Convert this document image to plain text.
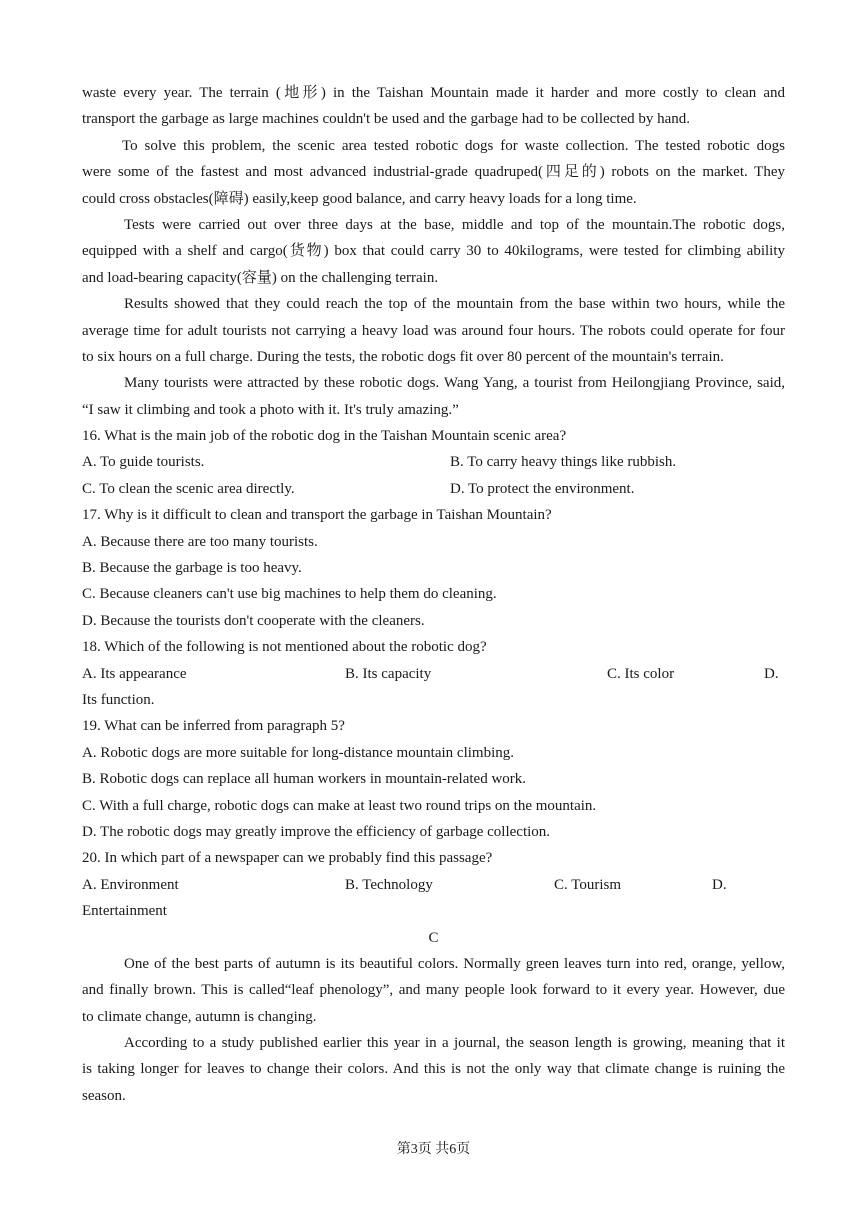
waste every year. The terrain (地形) in the Taishan Mountain made it harder and more costly to clean and
transport the garbage as large machines couldn't be used and the garbage had to be collected by hand.
To solve this problem, the scenic area tested robotic dogs for waste collection. The tested robotic dogs
were some of the fastest and most advanced industrial-grade quadruped(四足的) robots on the market. They
could cross obstacles(障碍) easily,keep good balance, and carry heavy loads for a long time.
Tests were carried out over three days at the base, middle and top of the mountain.The robotic dogs,
equipped with a shelf and cargo(货物) box that could carry 30 to 40kilograms, were tested for climbing ability
and load-bearing capacity(容量) on the challenging terrain.
Results showed that they could reach the top of the mountain from the base within two hours, while the
average time for adult tourists not carrying a heavy load was around four hours. The robots could operate for four
to six hours on a full charge. During the tests, the robotic dogs fit over 80 percent of the mountain's terrain.
Many tourists were attracted by these robotic dogs. Wang Yang, a tourist from Heilongjiang Province, said,
“I saw it climbing and took a photo with it. It's truly amazing.”
16. What is the main job of the robotic dog in the Taishan Mountain scenic area?
A. To guide tourists.	B. To carry heavy things like rubbish.
C. To clean the scenic area directly.	D. To protect the environment.
17. Why is it difficult to clean and transport the garbage in Taishan Mountain?
A. Because there are too many tourists.
B. Because the garbage is too heavy.
C. Because cleaners can't use big machines to help them do cleaning.
D. Because the tourists don't cooperate with the cleaners.
18. Which of the following is not mentioned about the robotic dog?
A. Its appearance	B. Its capacity	C. Its color	D.
Its function.
19. What can be inferred from paragraph 5?
A. Robotic dogs are more suitable for long-distance mountain climbing.
B. Robotic dogs can replace all human workers in mountain-related work.
C. With a full charge, robotic dogs can make at least two round trips on the mountain.
D. The robotic dogs may greatly improve the efficiency of garbage collection.
20. In which part of a newspaper can we probably find this passage?
A. Environment	B. Technology	C. Tourism	D.
Entertainment
C
One of the best parts of autumn is its beautiful colors. Normally green leaves turn into red, orange, yellow,
and finally brown. This is called“leaf phenology”, and many people look forward to it every year. However, due
to climate change, autumn is changing.
According to a study published earlier this year in a journal, the season length is growing, meaning that it
is taking longer for leaves to change their colors. And this is not the only way that climate change is ruining the
season.
第3页 共6页
